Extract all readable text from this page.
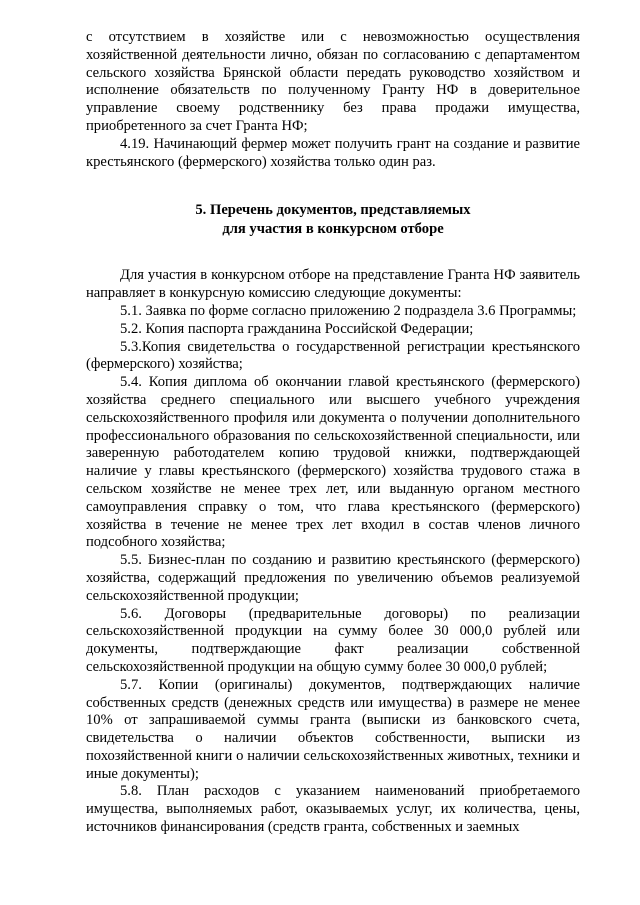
с отсутствием в хозяйстве или с невозможностью осуществления хозяйственной деятельности лично, обязан по согласованию с департаментом сельского хозяйства Брянской области передать руководство хозяйством и исполнение обязательств по полученному Гранту НФ в доверительное управление своему родственнику без права продажи имущества, приобретенного за счет Гранта НФ;

4.19. Начинающий фермер может получить грант на создание и развитие крестьянского (фермерского) хозяйства только один раз.

5. Перечень документов, представляемых
для участия в конкурсном отборе

Для участия в конкурсном отборе на представление Гранта НФ заявитель направляет в конкурсную комиссию следующие документы:

5.1. Заявка по форме согласно приложению 2 подраздела 3.6 Программы;

5.2. Копия паспорта гражданина Российской Федерации;

5.3.Копия свидетельства о государственной регистрации крестьянского (фермерского) хозяйства;

5.4. Копия диплома об окончании главой крестьянского (фермерского) хозяйства среднего специального или высшего учебного учреждения сельскохозяйственного профиля или документа о получении дополнительного профессионального образования по сельскохозяйственной специальности, или заверенную работодателем копию трудовой книжки, подтверждающей наличие у главы крестьянского (фермерского) хозяйства трудового стажа в сельском хозяйстве не менее трех лет, или выданную органом местного самоуправления справку о том, что глава крестьянского (фермерского) хозяйства в течение не менее трех лет входил в состав членов личного подсобного хозяйства;

5.5. Бизнес-план по созданию и развитию крестьянского (фермерского) хозяйства, содержащий предложения по увеличению объемов реализуемой сельскохозяйственной продукции;

5.6. Договоры (предварительные договоры) по реализации сельскохозяйственной продукции на сумму более 30 000,0 рублей или документы, подтверждающие факт реализации собственной сельскохозяйственной продукции на общую сумму более 30 000,0 рублей;

5.7. Копии (оригиналы) документов, подтверждающих наличие собственных средств (денежных средств или имущества) в размере не менее 10% от запрашиваемой суммы гранта (выписки из банковского счета, свидетельства о наличии объектов собственности, выписки из похозяйственной книги о наличии сельскохозяйственных животных, техники и иные документы);

5.8. План расходов с указанием наименований приобретаемого имущества, выполняемых работ, оказываемых услуг, их количества, цены, источников финансирования (средств гранта, собственных и заемных
